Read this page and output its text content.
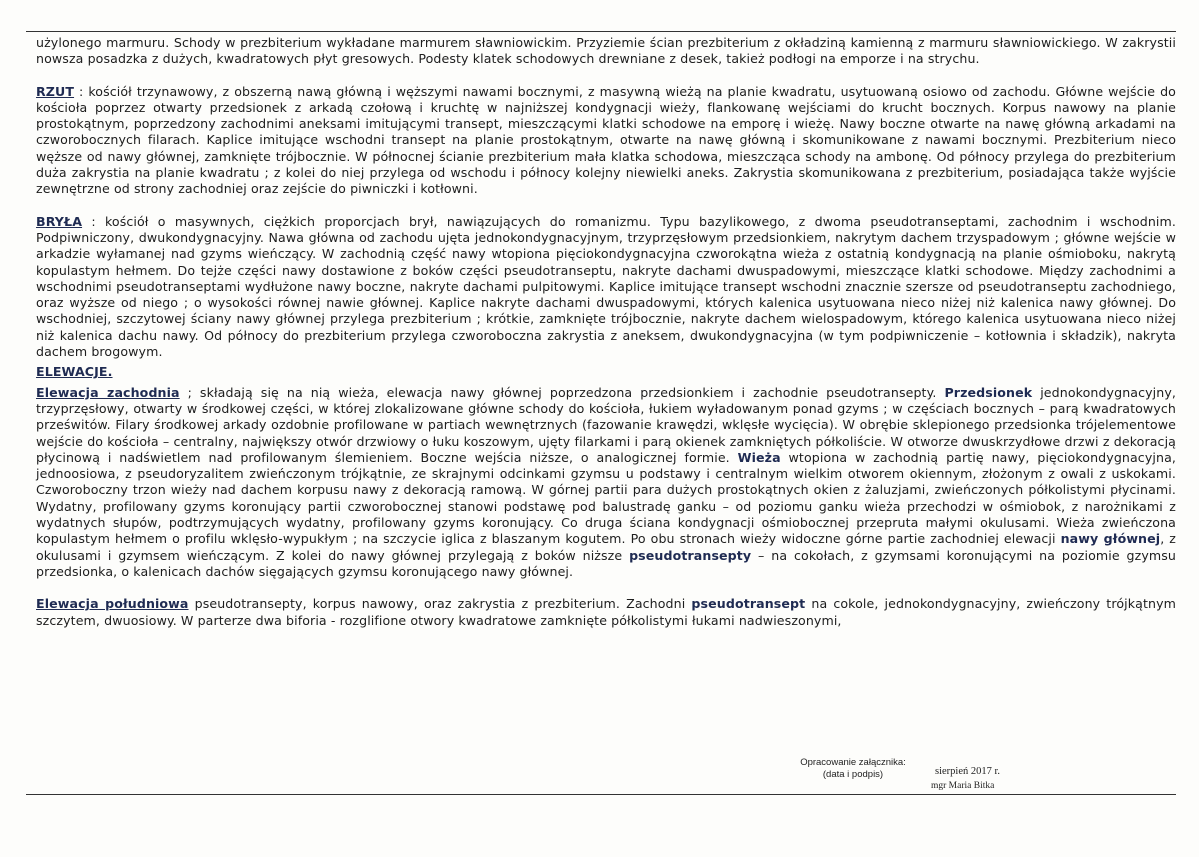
użylonego marmuru. Schody w prezbiterium wykładane marmurem sławniowickim. Przyziemie ścian prezbiterium z okładziną kamienną z marmuru sławniowickiego. W zakrystii nowsza posadzka z dużych, kwadratowych płyt gresowych. Podesty klatek schodowych drewniane z desek, takież podłogi na emporze i na strychu.

RZUT : kościół trzynawowy, z obszerną nawą główną i węższymi nawami bocznymi, z masywną wieżą na planie kwadratu, usytuowaną osiowo od zachodu. Główne wejście do kościoła poprzez otwarty przedsionek z arkadą czołową i kruchtę w najniższej kondygnacji wieży, flankowanę wejściami do krucht bocznych. Korpus nawowy na planie prostokątnym, poprzedzony zachodnimi aneksami imitującymi transept, mieszczącymi klatki schodowe na emporę i wieżę. Nawy boczne otwarte na nawę główną arkadami na czworobocznych filarach. Kaplice imitujące wschodni transept na planie prostokątnym, otwarte na nawę główną i skomunikowane z nawami bocznymi. Prezbiterium nieco węższe od nawy głównej, zamknięte trójbocznie. W północnej ścianie prezbiterium mała klatka schodowa, mieszcząca schody na ambonę. Od północy przylega do prezbiterium duża zakrystia na planie kwadratu ; z kolei do niej przylega od wschodu i północy kolejny niewielki aneks. Zakrystia skomunikowana z prezbiterium, posiadająca także wyjście zewnętrzne od strony zachodniej oraz zejście do piwniczki i kotłowni.

BRYŁA : kościół o masywnych, ciężkich proporcjach brył, nawiązujących do romanizmu. Typu bazylikowego, z dwoma pseudotranseptami, zachodnim i wschodnim. Podpiwniczony, dwukondygnacyjny. Nawa główna od zachodu ujęta jednokondygnacyjnym, trzyprzęsłowym przedsionkiem, nakrytym dachem trzyspadowym ; główne wejście w arkadzie wyłamanej nad gzyms wieńczący. W zachodnią część nawy wtopiona pięciokondygnacyjna czworokątna wieża z ostatnią kondygnacją na planie ośmioboku, nakrytą kopulastym hełmem. Do tejże części nawy dostawione z boków części pseudotranseptu, nakryte dachami dwuspadowymi, mieszczące klatki schodowe. Między zachodnimi a wschodnimi pseudotranseptami wydłużone nawy boczne, nakryte dachami pulpitowymi. Kaplice imitujące transept wschodni znacznie szersze od pseudotranseptu zachodniego, oraz wyższe od niego ; o wysokości równej nawie głównej. Kaplice nakryte dachami dwuspadowymi, których kalenica usytuowana nieco niżej niż kalenica nawy głównej. Do wschodniej, szczytowej ściany nawy głównej przylega prezbiterium ; krótkie, zamknięte trójbocznie, nakryte dachem wielospadowym, którego kalenica usytuowana nieco niżej niż kalenica dachu nawy. Od północy do prezbiterium przylega czworoboczna zakrystia z aneksem, dwukondygnacyjna (w tym podpiwniczenie – kotłownia i składzik), nakryta dachem brogowym.

ELEWACJE.

Elewacja zachodnia ; składają się na nią wieża, elewacja nawy głównej poprzedzona przedsionkiem i zachodnie pseudotransepty. Przedsionek jednokondygnacyjny, trzyprzęsłowy, otwarty w środkowej części, w której zlokalizowane główne schody do kościoła, łukiem wyładowanym ponad gzyms ; w częściach bocznych – parą kwadratowych prześwitów. Filary środkowej arkady ozdobnie profilowane w partiach wewnętrznych (fazowanie krawędzi, wklęsłe wycięcia). W obrębie sklepionego przedsionka trójelementowe wejście do kościoła – centralny, największy otwór drzwiowy o łuku koszowym, ujęty filarkami i parą okienek zamkniętych półkoliście. W otworze dwuskrzydłowe drzwi z dekoracją płycinową i nadświetlem nad profilowanym ślemieniem. Boczne wejścia niższe, o analogicznej formie. Wieża wtopiona w zachodnią partię nawy, pięciokondygnacyjna, jednoosiowa, z pseudoryzalitem zwieńczonym trójkątnie, ze skrajnymi odcinkami gzymsu u podstawy i centralnym wielkim otworem okiennym, złożonym z owali z uskokami. Czworoboczny trzon wieży nad dachem korpusu nawy z dekoracją ramową. W górnej partii para dużych prostokątnych okien z żaluzjami, zwieńczonych półkolistymi płycinami. Wydatny, profilowany gzyms koronujący partii czworobocznej stanowi podstawę pod balustradę ganku – od poziomu ganku wieża przechodzi w ośmiobok, z narożnikami z wydatnych słupów, podtrzymujących wydatny, profilowany gzyms koronujący. Co druga ściana kondygnacji ośmiobocznej przepruta małymi okulusami. Wieża zwieńczona kopulastym hełmem o profilu wklęsło-wypukłym ; na szczycie iglica z blaszanym kogutem. Po obu stronach wieży widoczne górne partie zachodniej elewacji nawy głównej, z okulusami i gzymsem wieńczącym. Z kolei do nawy głównej przylegają z boków niższe pseudotransepty – na cokołach, z gzymsami koronującymi na poziomie gzymsu przedsionka, o kalenicach dachów sięgających gzymsu koronującego nawy głównej.

Elewacja południowa pseudotransepty, korpus nawowy, oraz zakrystia z prezbiterium. Zachodni pseudotransept na cokole, jednokondygnacyjny, zwieńczony trójkątnym szczytem, dwuosiowy. W parterze dwa biforia - rozglifione otwory kwadratowe zamknięte półkolistymi łukami nadwieszonymi,

Opracowanie załącznika:
(data i podpis)	sierpień 2017 r.
mgr Maria Bitka
